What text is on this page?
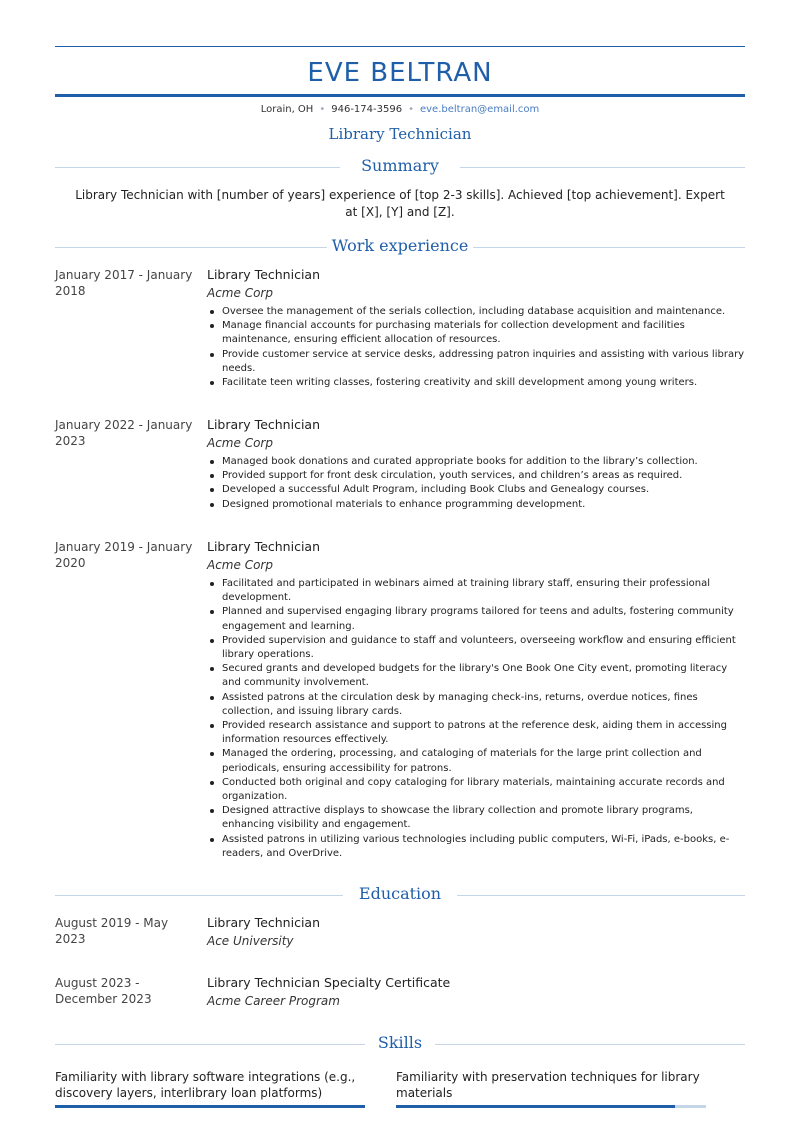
EVE BELTRAN
Lorain, OH • 946-174-3596 • eve.beltran@email.com
Library Technician
Summary
Library Technician with [number of years] experience of [top 2-3 skills]. Achieved [top achievement]. Expert at [X], [Y] and [Z].
Work experience
January 2017 - January 2018
Library Technician
Acme Corp
Oversee the management of the serials collection, including database acquisition and maintenance.
Manage financial accounts for purchasing materials for collection development and facilities maintenance, ensuring efficient allocation of resources.
Provide customer service at service desks, addressing patron inquiries and assisting with various library needs.
Facilitate teen writing classes, fostering creativity and skill development among young writers.
January 2022 - January 2023
Library Technician
Acme Corp
Managed book donations and curated appropriate books for addition to the library’s collection.
Provided support for front desk circulation, youth services, and children’s areas as required.
Developed a successful Adult Program, including Book Clubs and Genealogy courses.
Designed promotional materials to enhance programming development.
January 2019 - January 2020
Library Technician
Acme Corp
Facilitated and participated in webinars aimed at training library staff, ensuring their professional development.
Planned and supervised engaging library programs tailored for teens and adults, fostering community engagement and learning.
Provided supervision and guidance to staff and volunteers, overseeing workflow and ensuring efficient library operations.
Secured grants and developed budgets for the library's One Book One City event, promoting literacy and community involvement.
Assisted patrons at the circulation desk by managing check-ins, returns, overdue notices, fines collection, and issuing library cards.
Provided research assistance and support to patrons at the reference desk, aiding them in accessing information resources effectively.
Managed the ordering, processing, and cataloging of materials for the large print collection and periodicals, ensuring accessibility for patrons.
Conducted both original and copy cataloging for library materials, maintaining accurate records and organization.
Designed attractive displays to showcase the library collection and promote library programs, enhancing visibility and engagement.
Assisted patrons in utilizing various technologies including public computers, Wi-Fi, iPads, e-books, e-readers, and OverDrive.
Education
August 2019 - May 2023
Library Technician
Ace University
August 2023 - December 2023
Library Technician Specialty Certificate
Acme Career Program
Skills
Familiarity with library software integrations (e.g., discovery layers, interlibrary loan platforms)
Familiarity with preservation techniques for library materials
